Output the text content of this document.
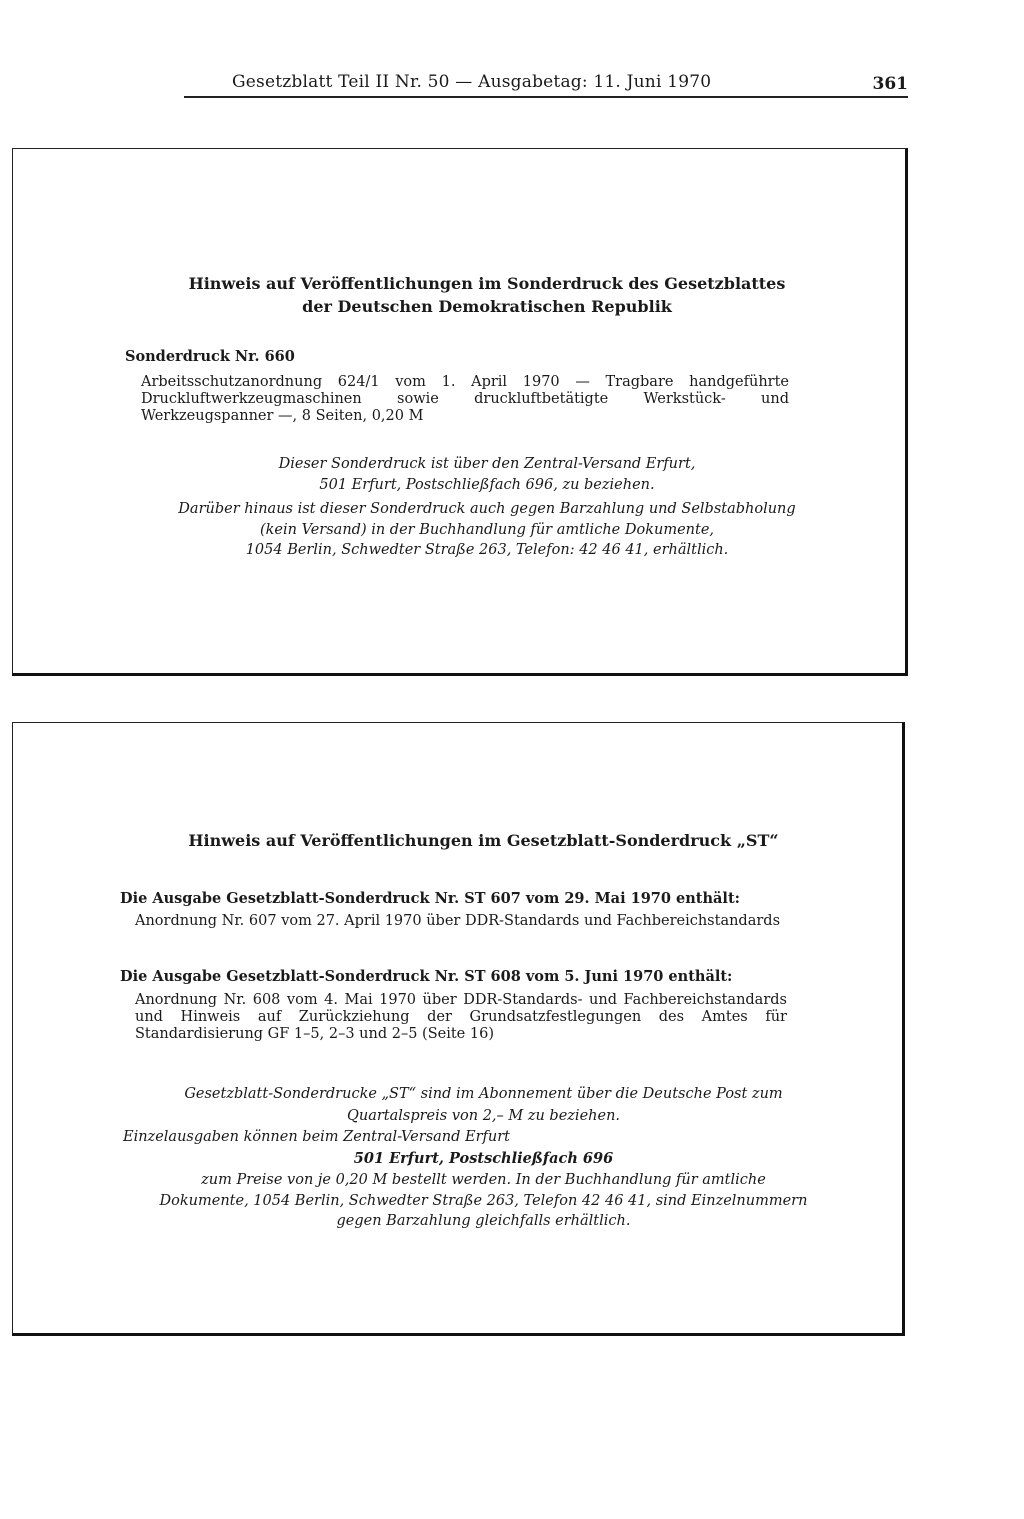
Gesetzblatt Teil II Nr. 50 — Ausgabetag: 11. Juni 1970	361
Hinweis auf Veröffentlichungen im Sonderdruck des Gesetzblattes
der Deutschen Demokratischen Republik
Sonderdruck Nr. 660
Arbeitsschutzanordnung 624/1 vom 1. April 1970 — Tragbare handgeführte Druckluftwerkzeugmaschinen sowie druckluftbetätigte Werkstück- und Werkzeugspanner —, 8 Seiten, 0,20 M
Dieser Sonderdruck ist über den Zentral-Versand Erfurt,
501 Erfurt, Postschließfach 696, zu beziehen.
Darüber hinaus ist dieser Sonderdruck auch gegen Barzahlung und Selbstabholung
(kein Versand) in der Buchhandlung für amtliche Dokumente,
1054 Berlin, Schwedter Straße 263, Telefon: 42 46 41, erhältlich.
Hinweis auf Veröffentlichungen im Gesetzblatt-Sonderdruck „ST“
Die Ausgabe Gesetzblatt-Sonderdruck Nr. ST 607 vom 29. Mai 1970 enthält:
Anordnung Nr. 607 vom 27. April 1970 über DDR-Standards und Fachbereichstandards
Die Ausgabe Gesetzblatt-Sonderdruck Nr. ST 608 vom 5. Juni 1970 enthält:
Anordnung Nr. 608 vom 4. Mai 1970 über DDR-Standards- und Fachbereichstandards und Hinweis auf Zurückziehung der Grundsatzfestlegungen des Amtes für Standardisierung GF 1–5, 2–3 und 2–5 (Seite 16)
Gesetzblatt-Sonderdrucke „ST“ sind im Abonnement über die Deutsche Post zum
Quartalspreis von 2,– M zu beziehen.
Einzelausgaben können beim Zentral-Versand Erfurt
501 Erfurt, Postschließfach 696
zum Preise von je 0,20 M bestellt werden. In der Buchhandlung für amtliche
Dokumente, 1054 Berlin, Schwedter Straße 263, Telefon 42 46 41, sind Einzelnummern
gegen Barzahlung gleichfalls erhältlich.
